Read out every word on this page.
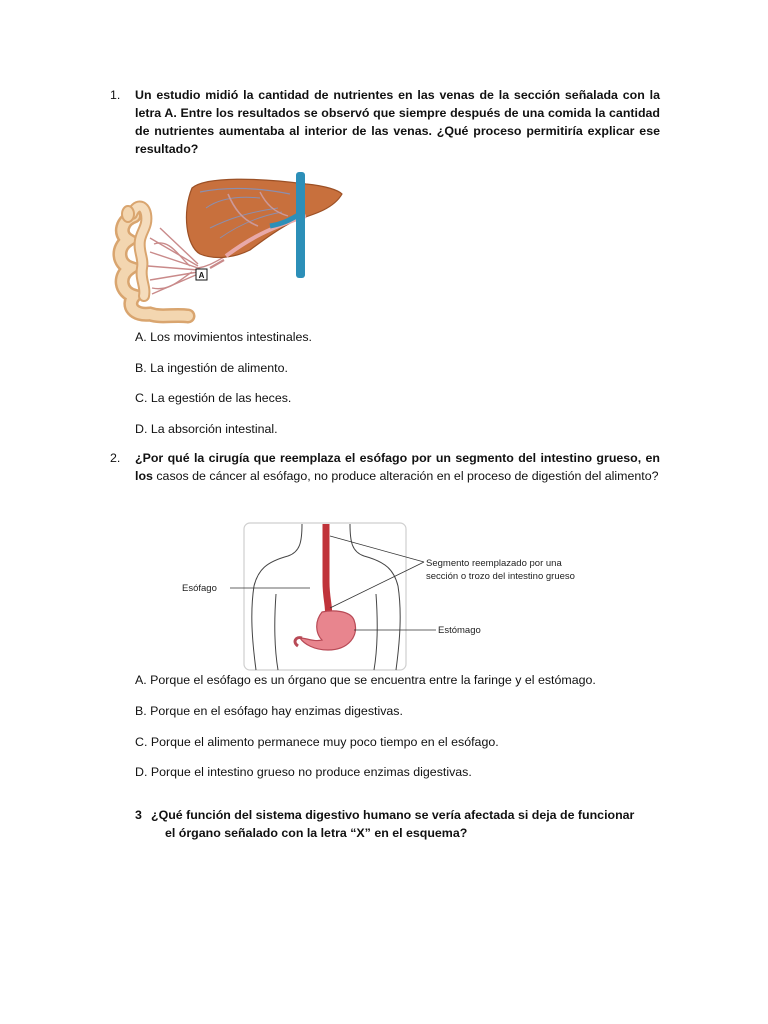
1. Un estudio midió la cantidad de nutrientes en las venas de la sección señalada con la letra A. Entre los resultados se observó que siempre después de una comida la cantidad de nutrientes aumentaba al interior de las venas. ¿Qué proceso permitiría explicar ese resultado?
A
A. Los movimientos intestinales.
B. La ingestión de alimento.
C. La egestión de las heces.
D. La absorción intestinal.
2. ¿Por qué la cirugía que reemplaza el esófago por un segmento del intestino grueso, en los casos de cáncer al esófago, no produce alteración en el proceso de digestión del alimento?
Esófago
Segmento reemplazado por una
sección o trozo del intestino grueso
Estómago
A. Porque el esófago es un órgano que se encuentra entre la faringe y el estómago.
B. Porque en el esófago hay enzimas digestivas.
C. Porque el alimento permanece muy poco tiempo en el esófago.
D. Porque el intestino grueso no produce enzimas digestivas.
3 ¿Qué función del sistema digestivo humano se vería afectada si deja de funcionar
el órgano señalado con la letra “X” en el esquema?
